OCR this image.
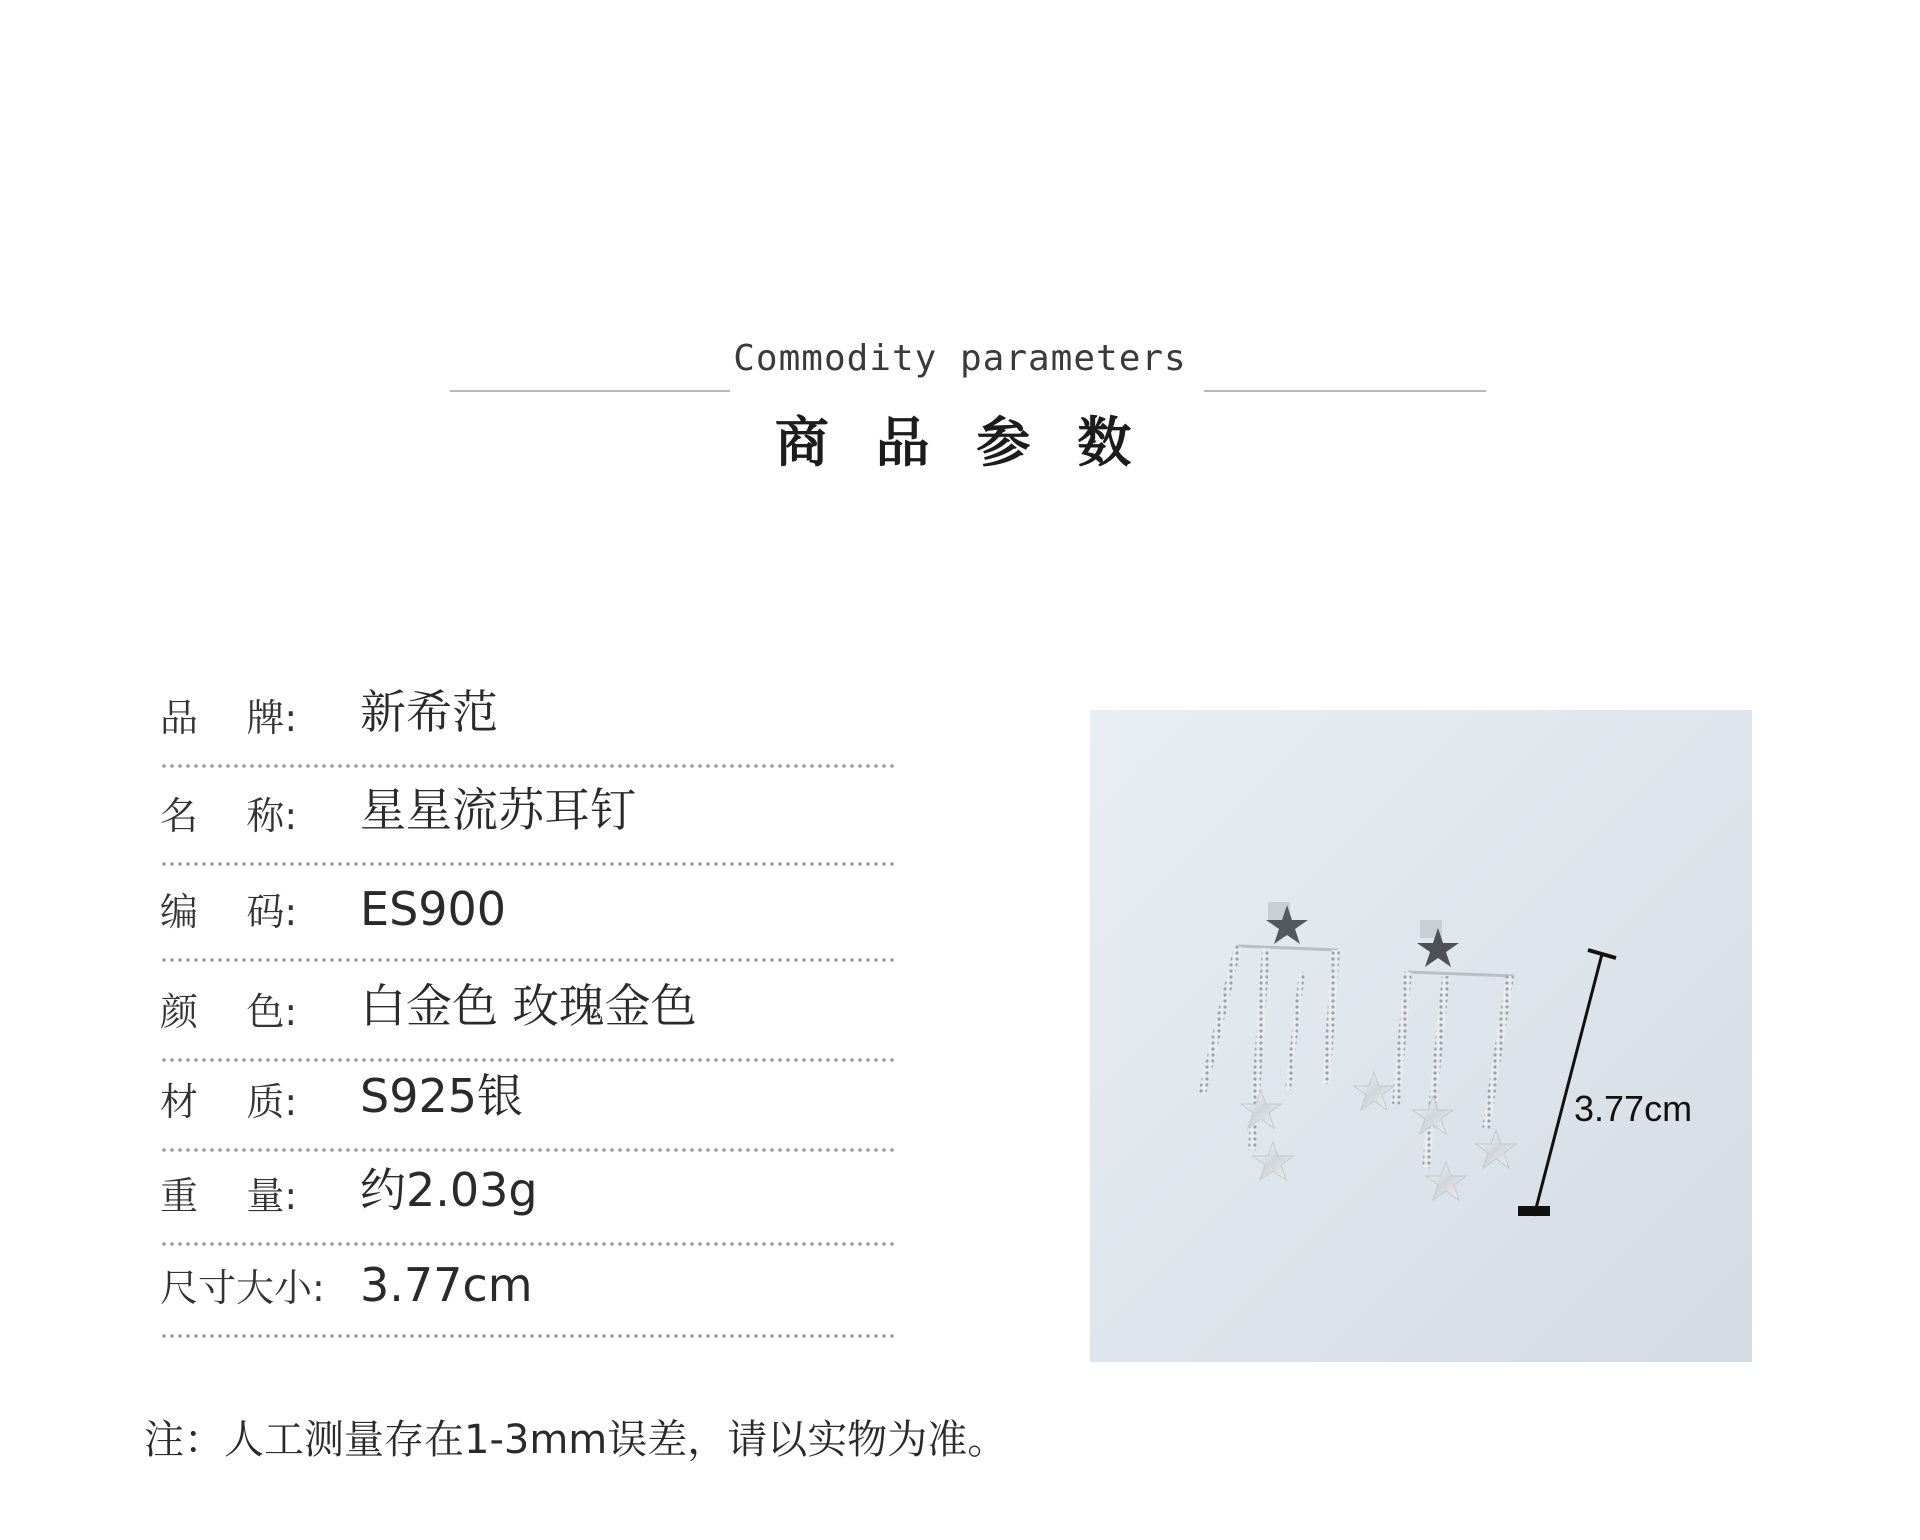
Commodity parameters
商 品 参 数
品    牌: 新希范
名    称: 星星流苏耳钉
编    码: ES900
颜    色: 白金色 玫瑰金色
材    质: S925银
重    量: 约2.03g
尺寸大小: 3.77cm
注：人工测量存在1-3mm误差，请以实物为准。
3.77cm
